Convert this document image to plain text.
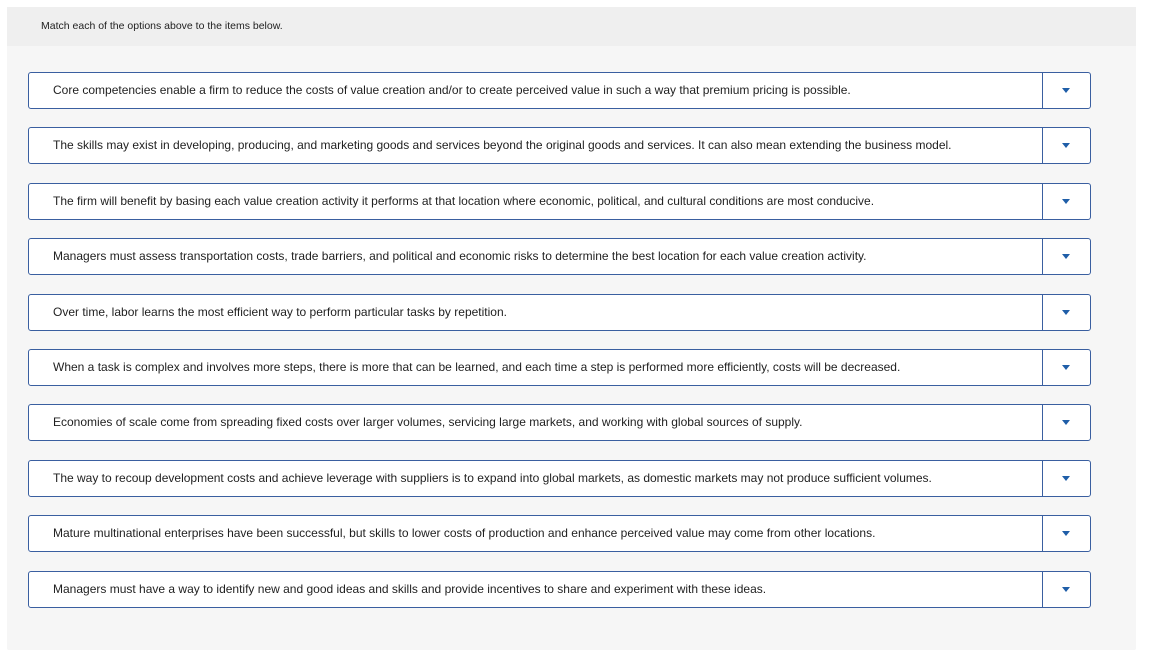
Match each of the options above to the items below.
Core competencies enable a firm to reduce the costs of value creation and/or to create perceived value in such a way that premium pricing is possible.
The skills may exist in developing, producing, and marketing goods and services beyond the original goods and services. It can also mean extending the business model.
The firm will benefit by basing each value creation activity it performs at that location where economic, political, and cultural conditions are most conducive.
Managers must assess transportation costs, trade barriers, and political and economic risks to determine the best location for each value creation activity.
Over time, labor learns the most efficient way to perform particular tasks by repetition.
When a task is complex and involves more steps, there is more that can be learned, and each time a step is performed more efficiently, costs will be decreased.
Economies of scale come from spreading fixed costs over larger volumes, servicing large markets, and working with global sources of supply.
The way to recoup development costs and achieve leverage with suppliers is to expand into global markets, as domestic markets may not produce sufficient volumes.
Mature multinational enterprises have been successful, but skills to lower costs of production and enhance perceived value may come from other locations.
Managers must have a way to identify new and good ideas and skills and provide incentives to share and experiment with these ideas.
